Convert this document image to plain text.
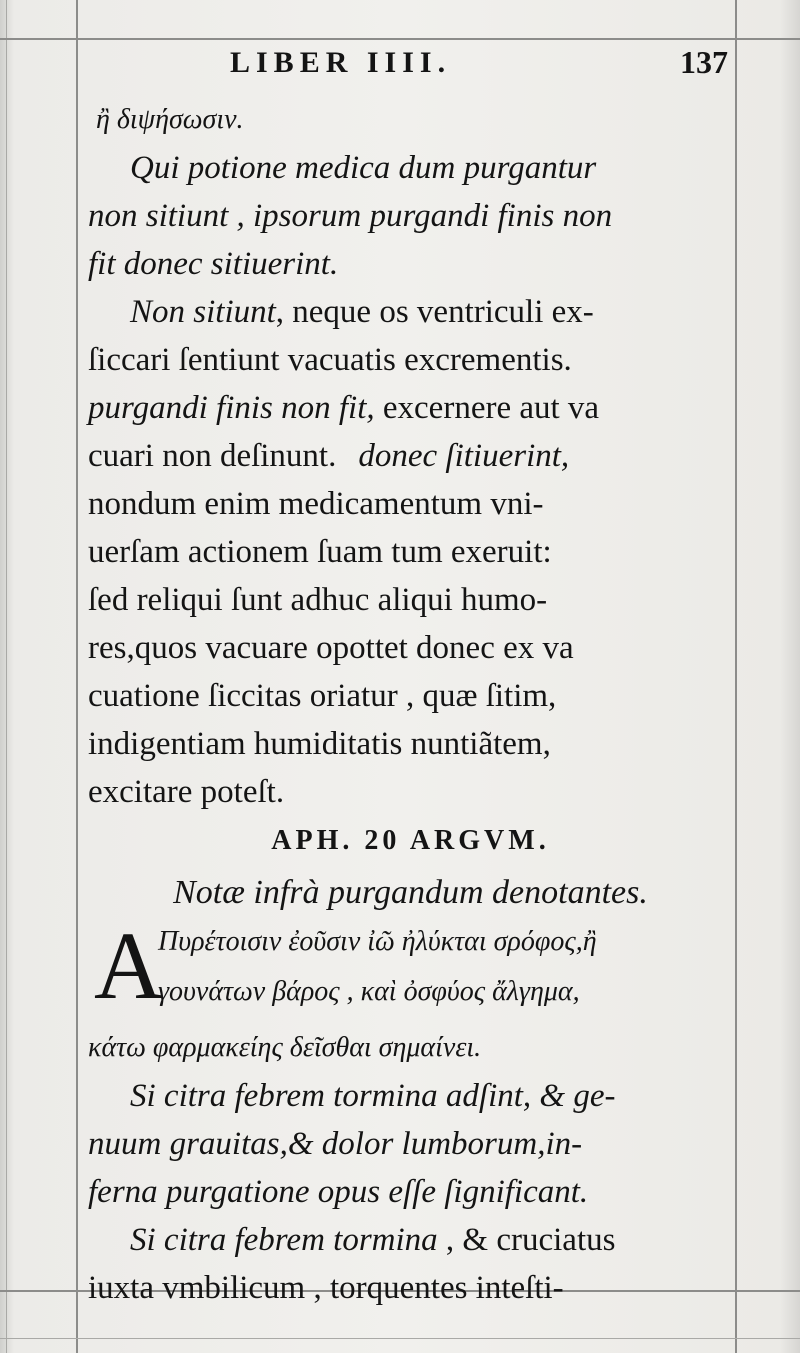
LIBER IIII.	137
ἢ διψήσωσιν.
Qui potione medica dum purgantur
non sitiunt , ipsorum purgandi finis non
fit donec sitiuerint.
Non sitiunt, neque os ventriculi ex-
ſiccari ſentiunt vacuatis excrementis.
purgandi finis non fit, excernere aut va
cuari non deſinunt. donec ſitiuerint,
nondum enim medicamentum vni-
uerſam actionem ſuam tum exeruit:
ſed reliqui ſunt adhuc aliqui humo-
res,quos vacuare opottet donec ex va
cuatione ſiccitas oriatur , quæ ſitim,
indigentiam humiditatis nuntiãtem,
excitare poteſt.
APH. 20 ARGVM.
Notæ infrà purgandum denotantes.
A
Πυρέτοισιν ἐοῦσιν ἰῶ ἠλύκται σρόφος,ἢ
γουνάτων βάρος , καὶ ὀσφύος ἄλγημα,
κάτω φαρμακείης δεῖσθαι σημαίνει.
Si citra febrem tormina adſint, & ge-
nuum grauitas,& dolor lumborum,in-
ferna purgatione opus eſſe ſignificant.
Si citra febrem tormina , & cruciatus
iuxta vmbilicum , torquentes inteſti-
